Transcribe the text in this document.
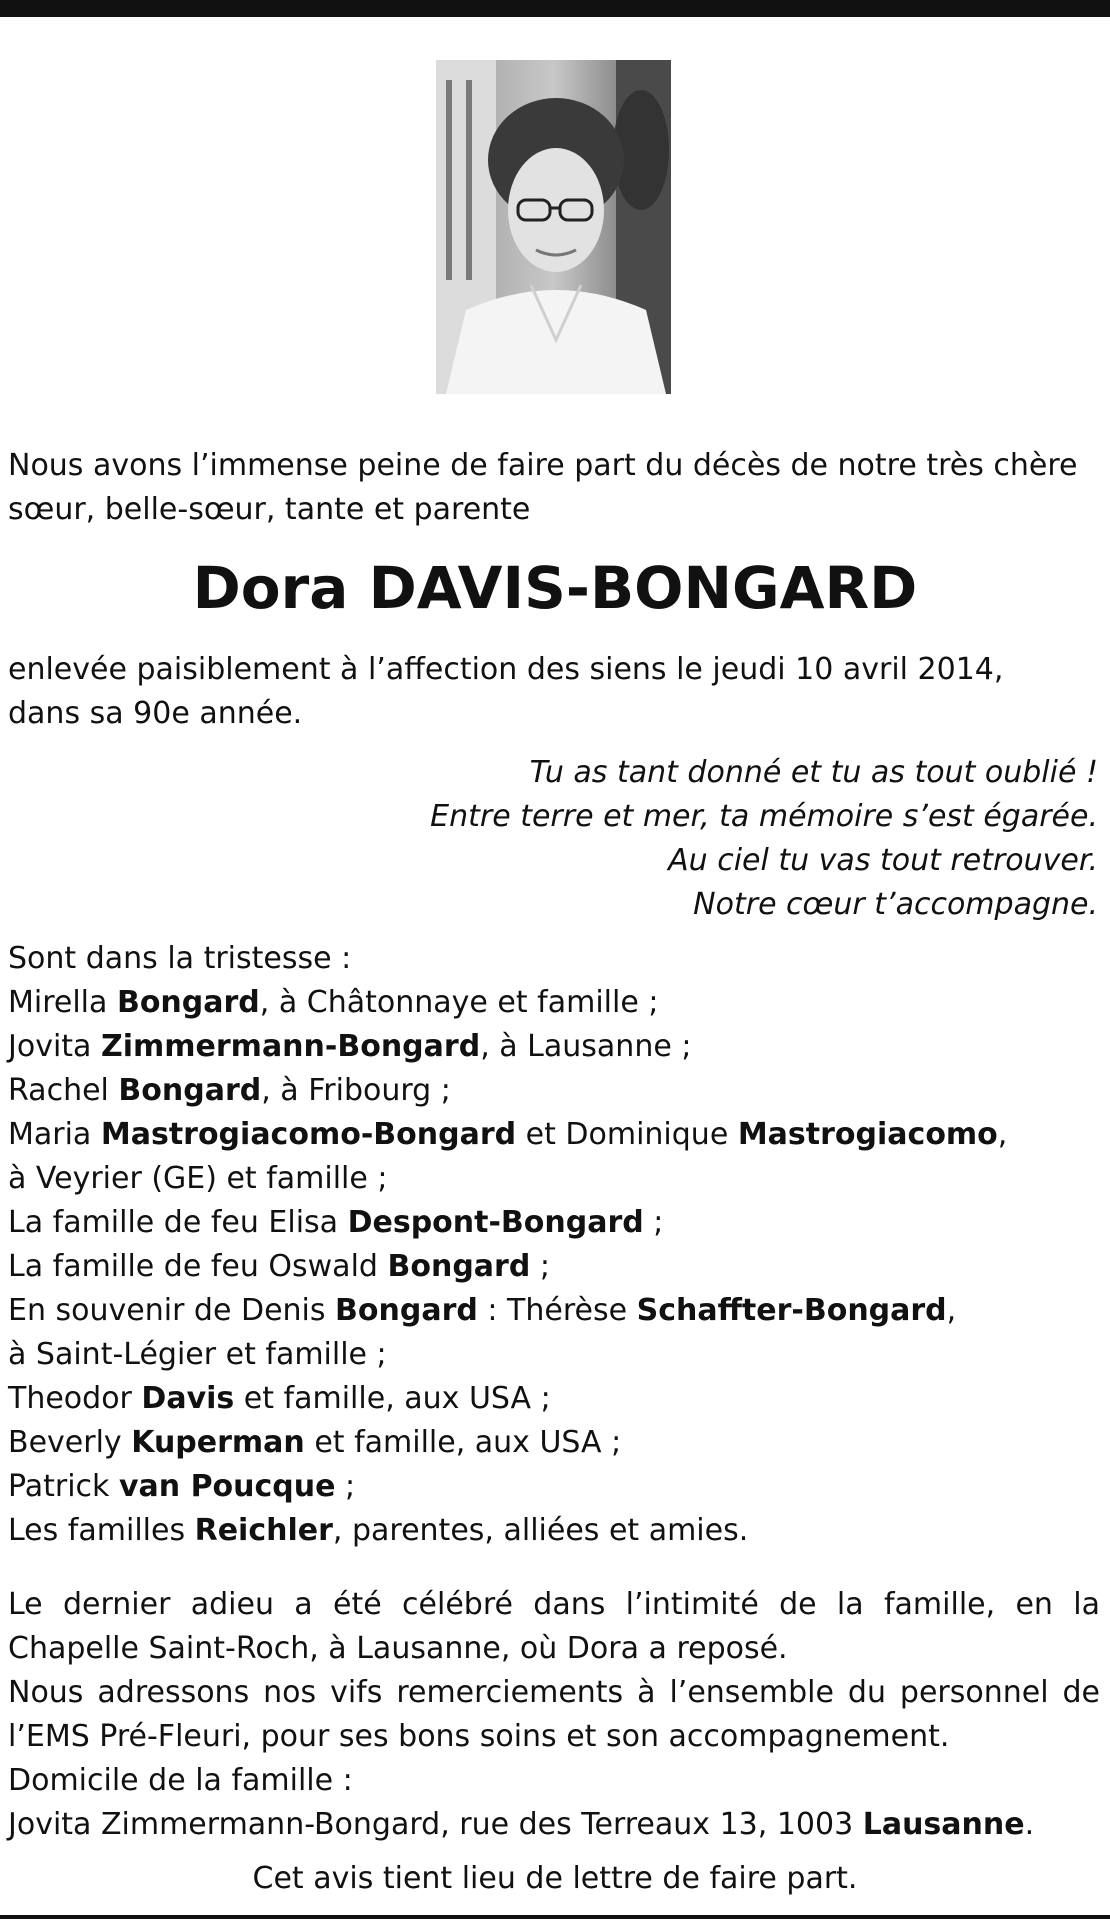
Nous avons l’immense peine de faire part du décès de notre très chère
sœur, belle-sœur, tante et parente
Dora DAVIS-BONGARD
enlevée paisiblement à l’affection des siens le jeudi 10 avril 2014,
dans sa 90e année.
Tu as tant donné et tu as tout oublié !
Entre terre et mer, ta mémoire s’est égarée.
Au ciel tu vas tout retrouver.
Notre cœur t’accompagne.
Sont dans la tristesse :
Mirella Bongard, à Châtonnaye et famille ;
Jovita Zimmermann-Bongard, à Lausanne ;
Rachel Bongard, à Fribourg ;
Maria Mastrogiacomo-Bongard et Dominique Mastrogiacomo,
à Veyrier (GE) et famille ;
La famille de feu Elisa Despont-Bongard ;
La famille de feu Oswald Bongard ;
En souvenir de Denis Bongard : Thérèse Schaffter-Bongard,
à Saint-Légier et famille ;
Theodor Davis et famille, aux USA ;
Beverly Kuperman et famille, aux USA ;
Patrick van Poucque ;
Les familles Reichler, parentes, alliées et amies.
Le dernier adieu a été célébré dans l’intimité de la famille, en la Chapelle Saint-Roch, à Lausanne, où Dora a reposé.
Nous adressons nos vifs remerciements à l’ensemble du personnel de l’EMS Pré-Fleuri, pour ses bons soins et son accompagnement.
Domicile de la famille :
Jovita Zimmermann-Bongard, rue des Terreaux 13, 1003 Lausanne.
Cet avis tient lieu de lettre de faire part.
